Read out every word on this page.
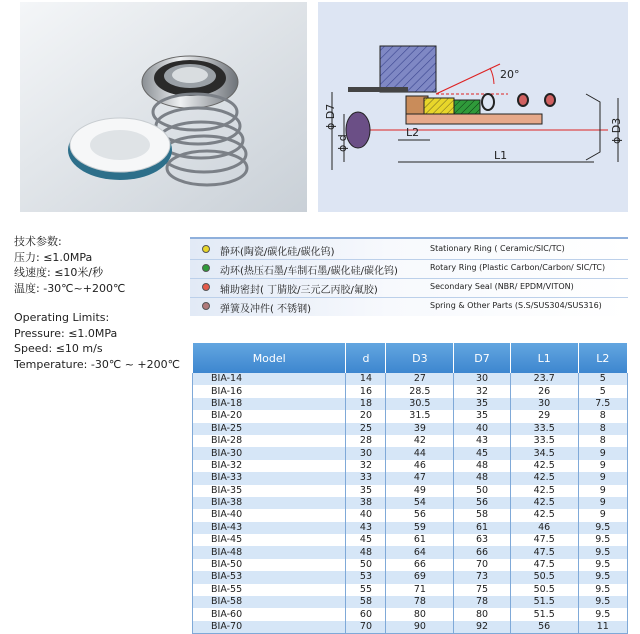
20°
ϕ D7
ϕ d
L2
L1
ϕ D3
技术参数:
压力: ≤1.0MPa
线速度: ≤10米/秒
温度: -30℃~+200℃
Operating Limits:
Pressure: ≤1.0MPa
Speed: ≤10 m/s
Temperature: -30℃ ~ +200℃
静环(陶瓷/碳化硅/碳化钨)	Stationary Ring ( Ceramic/SIC/TC)
动环(热压石墨/车制石墨/碳化硅/碳化钨)	Rotary Ring (Plastic Carbon/Carbon/ SIC/TC)
辅助密封( 丁腈胶/三元乙丙胶/氟胶)	Secondary Seal (NBR/ EPDM/VITON)
弹簧及冲件( 不锈钢)	Spring & Other Parts (S.S/SUS304/SUS316)
Model	d	D3	D7	L1	L2
BIA-14	14	27	30	23.7	5
BIA-16	16	28.5	32	26	5
BIA-18	18	30.5	35	30	7.5
BIA-20	20	31.5	35	29	8
BIA-25	25	39	40	33.5	8
BIA-28	28	42	43	33.5	8
BIA-30	30	44	45	34.5	9
BIA-32	32	46	48	42.5	9
BIA-33	33	47	48	42.5	9
BIA-35	35	49	50	42.5	9
BIA-38	38	54	56	42.5	9
BIA-40	40	56	58	42.5	9
BIA-43	43	59	61	46	9.5
BIA-45	45	61	63	47.5	9.5
BIA-48	48	64	66	47.5	9.5
BIA-50	50	66	70	47.5	9.5
BIA-53	53	69	73	50.5	9.5
BIA-55	55	71	75	50.5	9.5
BIA-58	58	78	78	51.5	9.5
BIA-60	60	80	80	51.5	9.5
BIA-70	70	90	92	56	11
